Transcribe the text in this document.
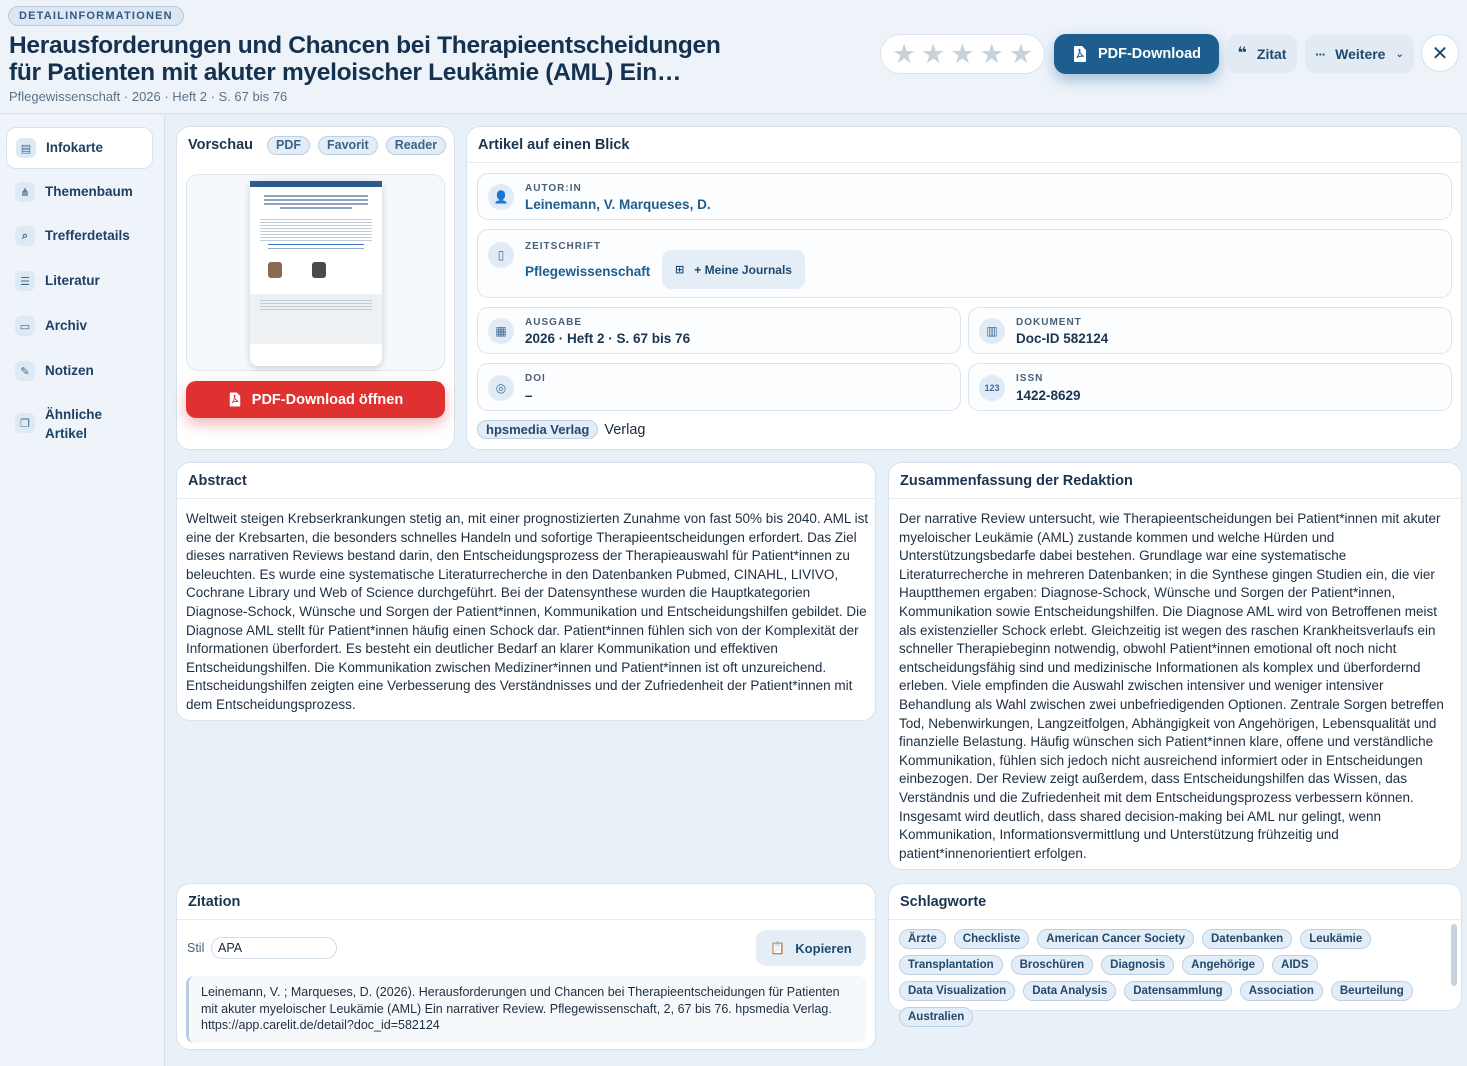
DETAILINFORMATIONEN
Herausforderungen und Chancen bei Therapieentscheidungen
für Patienten mit akuter myeloischer Leukämie (AML) Ein…
Pflegewissenschaft · 2026 · Heft 2 · S. 67 bis 76
★ ★ ★ ★ ★	PDF-Download ❝ Zitat ··· Weitere ⌄ ✕
▤	Infokarte
⋔	Themenbaum
⌕	Trefferdetails
☰	Literatur
▭	Archiv
✎	Notizen
❐
Ähnliche
Artikel
Vorschau	PDF	Favorit	Reader
PDF-Download öffnen
Artikel auf einen Blick
👤
AUTOR:IN
Leinemann, V. Marqueses, D.
▯
ZEITSCHRIFT
Pflegewissenschaft ⊞ + Meine Journals
▦
AUSGABE
2026 · Heft 2 · S. 67 bis 76	▥
DOKUMENT
Doc-ID 582124
◎
DOI
–	123
ISSN
1422-8629
hpsmedia Verlag	Verlag
Abstract
Weltweit steigen Krebserkrankungen stetig an, mit einer prognostizierten Zunahme von fast 50% bis 2040. AML ist eine der Krebsarten, die besonders schnelles Handeln und sofortige Therapieentscheidungen erfordert. Das Ziel dieses narrativen Reviews bestand darin, den Entscheidungsprozess der Therapieauswahl für Patient*innen zu beleuchten. Es wurde eine systematische Literaturrecherche in den Datenbanken Pubmed, CINAHL, LIVIVO, Cochrane Library und Web of Science durchgeführt. Bei der Datensynthese wurden die Hauptkategorien Diagnose-Schock, Wünsche und Sorgen der Patient*innen, Kommunikation und Entscheidungshilfen gebildet. Die Diagnose AML stellt für Patient*innen häufig einen Schock dar. Patient*innen fühlen sich von der Komplexität der Informationen überfordert. Es besteht ein deutlicher Bedarf an klarer Kommunikation und effektiven Entscheidungshilfen. Die Kommunikation zwischen Mediziner*innen und Patient*innen ist oft unzureichend. Entscheidungshilfen zeigten eine Verbesserung des Verständnisses und der Zufriedenheit der Patient*innen mit dem Entscheidungsprozess.
Zusammenfassung der Redaktion
Der narrative Review untersucht, wie Therapieentscheidungen bei Patient*innen mit akuter myeloischer Leukämie (AML) zustande kommen und welche Hürden und Unterstützungsbedarfe dabei bestehen. Grundlage war eine systematische Literaturrecherche in mehreren Datenbanken; in die Synthese gingen Studien ein, die vier Hauptthemen ergaben: Diagnose-Schock, Wünsche und Sorgen der Patient*innen, Kommunikation sowie Entscheidungshilfen. Die Diagnose AML wird von Betroffenen meist als existenzieller Schock erlebt. Gleichzeitig ist wegen des raschen Krankheitsverlaufs ein schneller Therapiebeginn notwendig, obwohl Patient*innen emotional oft noch nicht entscheidungsfähig sind und medizinische Informationen als komplex und überfordernd erleben. Viele empfinden die Auswahl zwischen intensiver und weniger intensiver Behandlung als Wahl zwischen zwei unbefriedigenden Optionen. Zentrale Sorgen betreffen Tod, Nebenwirkungen, Langzeitfolgen, Abhängigkeit von Angehörigen, Lebensqualität und finanzielle Belastung. Häufig wünschen sich Patient*innen klare, offene und verständliche Kommunikation, fühlen sich jedoch nicht ausreichend informiert oder in Entscheidungen einbezogen. Der Review zeigt außerdem, dass Entscheidungshilfen das Wissen, das Verständnis und die Zufriedenheit mit dem Entscheidungsprozess verbessern können. Insgesamt wird deutlich, dass shared decision-making bei AML nur gelingt, wenn Kommunikation, Informationsvermittlung und Unterstützung frühzeitig und patient*innenorientiert erfolgen.
Zitation
Stil	APA	📋 Kopieren
Leinemann, V. ; Marqueses, D. (2026). Herausforderungen und Chancen bei Therapieentscheidungen für Patienten mit akuter myeloischer Leukämie (AML) Ein narrativer Review. Pflegewissenschaft, 2, 67 bis 76. hpsmedia Verlag. https://app.carelit.de/detail?doc_id=582124
Schlagworte
Ärzte	Checkliste	American Cancer Society	Datenbanken	Leukämie
Transplantation	Broschüren	Diagnosis	Angehörige	AIDS
Data Visualization	Data Analysis	Datensammlung	Association	Beurteilung
Australien
